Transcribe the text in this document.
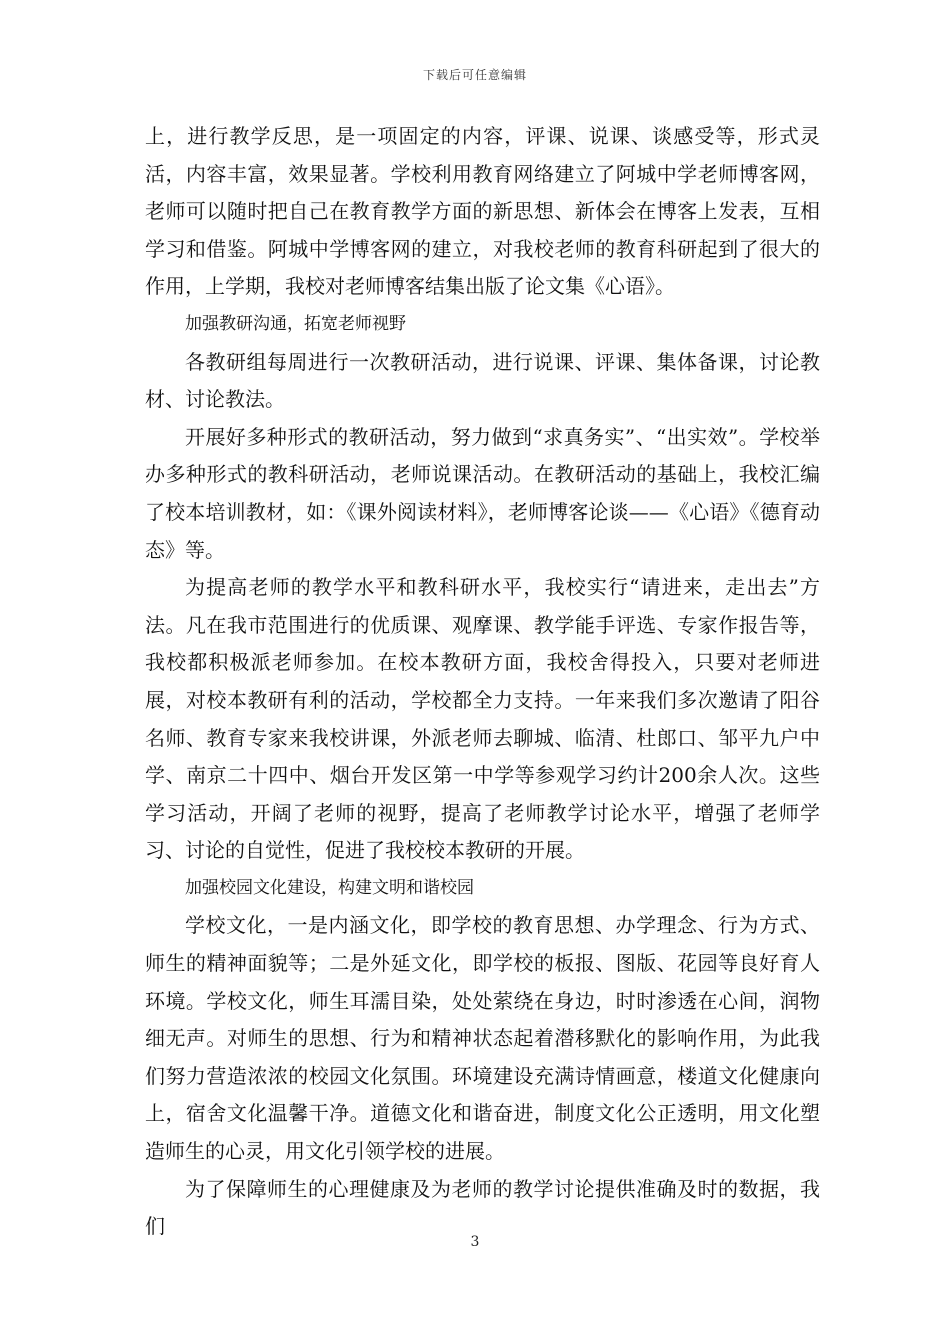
下载后可任意编辑

上，进行教学反思，是一项固定的内容，评课、说课、谈感受等，形式灵活，内容丰富，效果显著。学校利用教育网络建立了阿城中学老师博客网，老师可以随时把自己在教育教学方面的新思想、新体会在博客上发表，互相学习和借鉴。阿城中学博客网的建立，对我校老师的教育科研起到了很大的作用，上学期，我校对老师博客结集出版了论文集《心语》。

加强教研沟通，拓宽老师视野

各教研组每周进行一次教研活动，进行说课、评课、集体备课，讨论教材、讨论教法。

开展好多种形式的教研活动，努力做到“求真务实”、“出实效”。学校举办多种形式的教科研活动，老师说课活动。在教研活动的基础上，我校汇编了校本培训教材，如：《课外阅读材料》，老师博客论谈——《心语》《德育动态》等。

为提高老师的教学水平和教科研水平，我校实行“请进来，走出去”方法。凡在我市范围进行的优质课、观摩课、教学能手评选、专家作报告等，我校都积极派老师参加。在校本教研方面，我校舍得投入，只要对老师进展，对校本教研有利的活动，学校都全力支持。一年来我们多次邀请了阳谷名师、教育专家来我校讲课，外派老师去聊城、临清、杜郎口、邹平九户中学、南京二十四中、烟台开发区第一中学等参观学习约计200余人次。这些学习活动，开阔了老师的视野，提高了老师教学讨论水平，增强了老师学习、讨论的自觉性，促进了我校校本教研的开展。

加强校园文化建设，构建文明和谐校园

学校文化，一是内涵文化，即学校的教育思想、办学理念、行为方式、师生的精神面貌等；二是外延文化，即学校的板报、图版、花园等良好育人环境。学校文化，师生耳濡目染，处处萦绕在身边，时时渗透在心间，润物细无声。对师生的思想、行为和精神状态起着潜移默化的影响作用，为此我们努力营造浓浓的校园文化氛围。环境建设充满诗情画意，楼道文化健康向上，宿舍文化温馨干净。道德文化和谐奋进，制度文化公正透明，用文化塑造师生的心灵，用文化引领学校的进展。

为了保障师生的心理健康及为老师的教学讨论提供准确及时的数据，我们

3
